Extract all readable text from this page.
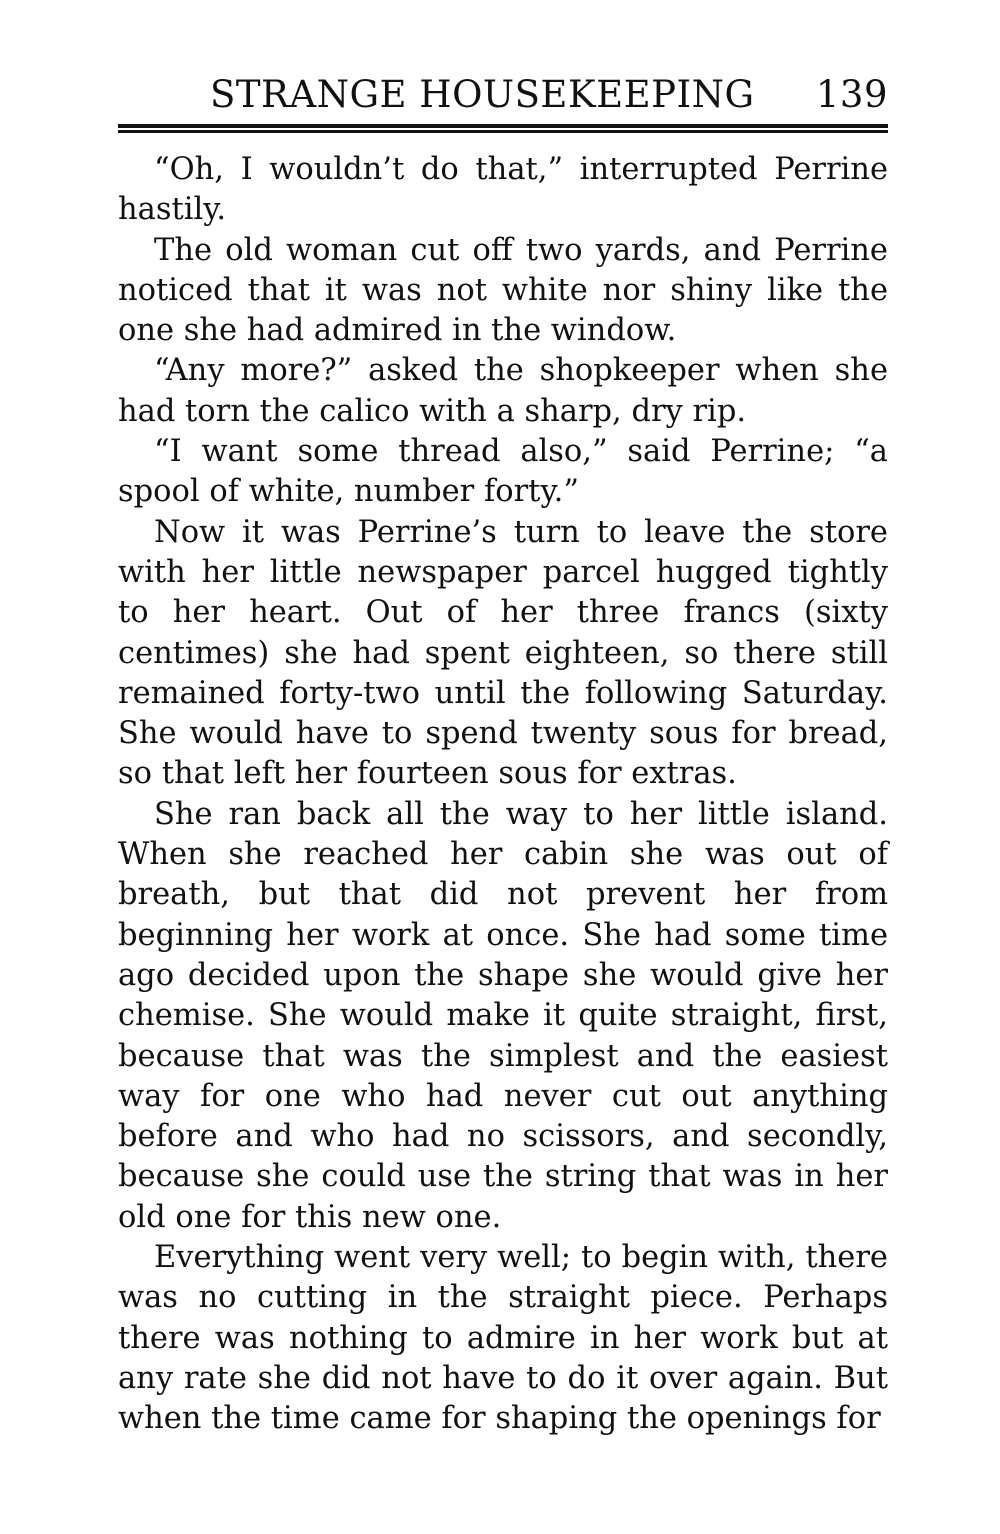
STRANGE HOUSEKEEPING 139

“Oh, I wouldn’t do that,” interrupted Perrine hastily.

The old woman cut off two yards, and Perrine noticed that it was not white nor shiny like the one she had admired in the window.

“Any more?” asked the shopkeeper when she had torn the calico with a sharp, dry rip.

“I want some thread also,” said Perrine; “a spool of white, number forty.”

Now it was Perrine’s turn to leave the store with her little newspaper parcel hugged tightly to her heart. Out of her three francs (sixty centimes) she had spent eighteen, so there still remained forty-two until the following Saturday. She would have to spend twenty sous for bread, so that left her fourteen sous for extras.

She ran back all the way to her little island. When she reached her cabin she was out of breath, but that did not prevent her from beginning her work at once. She had some time ago decided upon the shape she would give her chemise. She would make it quite straight, first, because that was the simplest and the easiest way for one who had never cut out anything before and who had no scissors, and secondly, because she could use the string that was in her old one for this new one.

Everything went very well; to begin with, there was no cutting in the straight piece. Perhaps there was nothing to admire in her work but at any rate she did not have to do it over again. But when the time came for shaping the openings for
